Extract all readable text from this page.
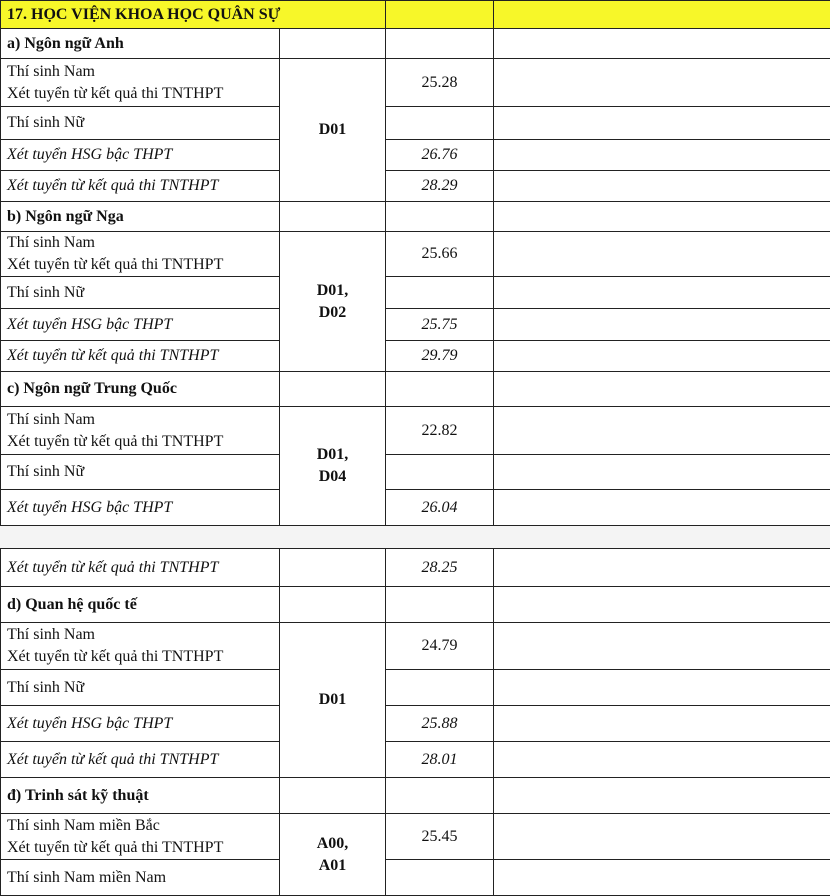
17. HỌC VIỆN KHOA HỌC QUÂN SỰ			
a) Ngôn ngữ Anh			
Thí sinh Nam
Xét tuyển từ kết quả thi TNTHPT	D01	25.28	
Thí sinh Nữ			
Xét tuyển HSG bậc THPT		26.76	
Xét tuyển từ kết quả thi TNTHPT		28.29	
b) Ngôn ngữ Nga			
Thí sinh Nam
Xét tuyển từ kết quả thi TNTHPT	D01,
D02	25.66	
Thí sinh Nữ			
Xét tuyển HSG bậc THPT		25.75	
Xét tuyển từ kết quả thi TNTHPT		29.79	
c) Ngôn ngữ Trung Quốc			
Thí sinh Nam
Xét tuyển từ kết quả thi TNTHPT	D01,
D04	22.82	
Thí sinh Nữ			
Xét tuyển HSG bậc THPT		26.04	
Xét tuyển từ kết quả thi TNTHPT		28.25	
d) Quan hệ quốc tế			
Thí sinh Nam
Xét tuyển từ kết quả thi TNTHPT	D01	24.79	
Thí sinh Nữ			
Xét tuyển HSG bậc THPT		25.88	
Xét tuyển từ kết quả thi TNTHPT		28.01	
đ) Trinh sát kỹ thuật			
Thí sinh Nam miền Bắc
Xét tuyển từ kết quả thi TNTHPT	A00,
A01	25.45	
Thí sinh Nam miền Nam			
